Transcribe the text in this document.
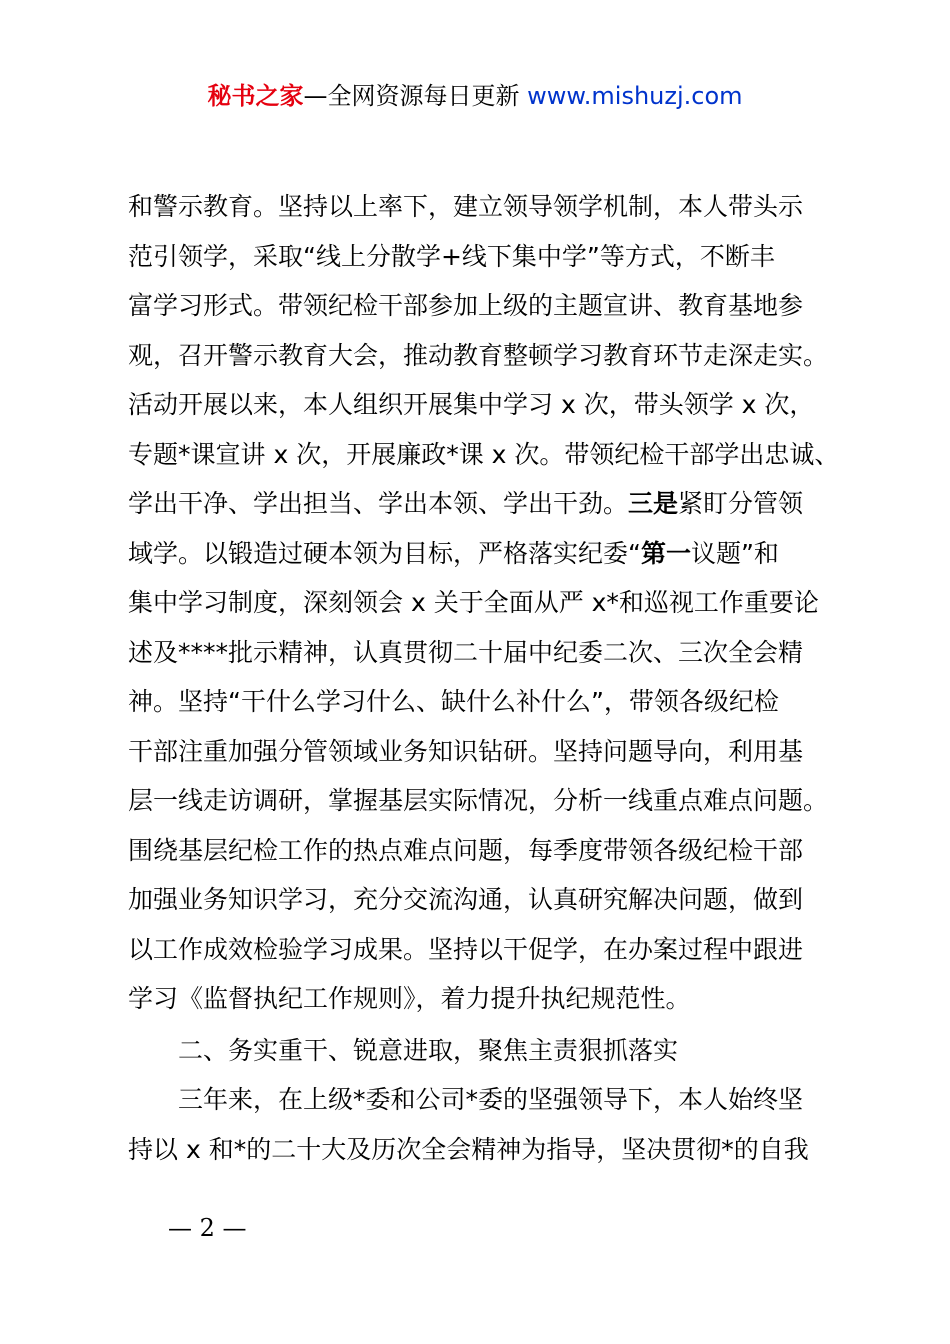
秘书之家—全网资源每日更新 www.mishuzj.com
和警示教育。坚持以上率下，建立领导领学机制，本人带头示
范引领学，采取“线上分散学+线下集中学”等方式，不断丰
富学习形式。带领纪检干部参加上级的主题宣讲、教育基地参
观，召开警示教育大会，推动教育整顿学习教育环节走深走实。
活动开展以来，本人组织开展集中学习 x 次，带头领学 x 次，
专题*课宣讲 x 次，开展廉政*课 x 次。带领纪检干部学出忠诚、
学出干净、学出担当、学出本领、学出干劲。三是紧盯分管领
域学。以锻造过硬本领为目标，严格落实纪委“第一议题”和
集中学习制度，深刻领会 x 关于全面从严 x*和巡视工作重要论
述及****批示精神，认真贯彻二十届中纪委二次、三次全会精
神。坚持“干什么学习什么、缺什么补什么”，带领各级纪检
干部注重加强分管领域业务知识钻研。坚持问题导向，利用基
层一线走访调研，掌握基层实际情况，分析一线重点难点问题。
围绕基层纪检工作的热点难点问题，每季度带领各级纪检干部
加强业务知识学习，充分交流沟通，认真研究解决问题，做到
以工作成效检验学习成果。坚持以干促学，在办案过程中跟进
学习《监督执纪工作规则》，着力提升执纪规范性。
二、务实重干、锐意进取，聚焦主责狠抓落实
三年来，在上级*委和公司*委的坚强领导下，本人始终坚
持以 x 和*的二十大及历次全会精神为指导，坚决贯彻*的自我
— 2 —
